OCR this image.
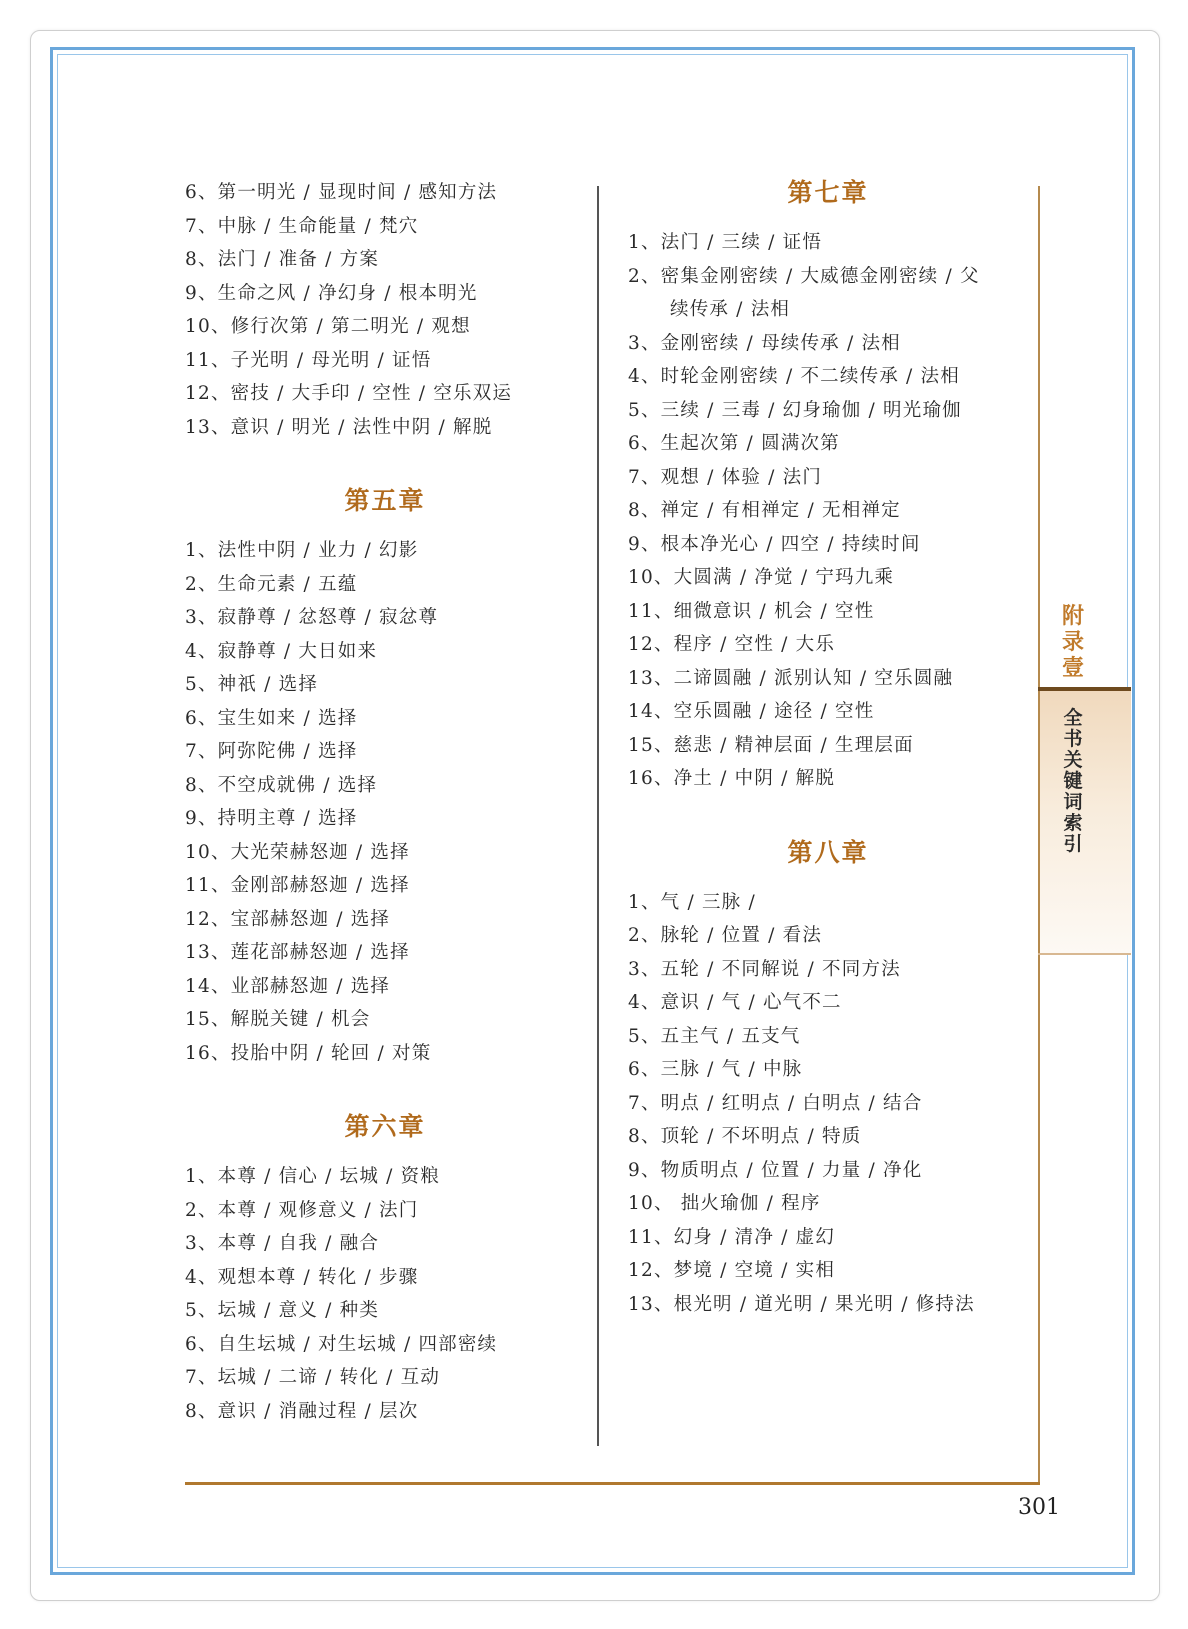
6、第一明光 / 显现时间 / 感知方法
7、中脉 / 生命能量 / 梵穴
8、法门 / 准备 / 方案
9、生命之风 / 净幻身 / 根本明光
10、修行次第 / 第二明光 / 观想
11、子光明 / 母光明 / 证悟
12、密技 / 大手印 / 空性 / 空乐双运
13、意识 / 明光 / 法性中阴 / 解脱
第五章
1、法性中阴 / 业力 / 幻影
2、生命元素 / 五蕴
3、寂静尊 / 忿怒尊 / 寂忿尊
4、寂静尊 / 大日如来
5、神祇 / 选择
6、宝生如来 / 选择
7、阿弥陀佛 / 选择
8、不空成就佛 / 选择
9、持明主尊 / 选择
10、大光荣赫怒迦 / 选择
11、金刚部赫怒迦 / 选择
12、宝部赫怒迦 / 选择
13、莲花部赫怒迦 / 选择
14、业部赫怒迦 / 选择
15、解脱关键 / 机会
16、投胎中阴 / 轮回 / 对策
第六章
1、本尊 / 信心 / 坛城 / 资粮
2、本尊 / 观修意义 / 法门
3、本尊 / 自我 / 融合
4、观想本尊 / 转化 / 步骤
5、坛城 / 意义 / 种类
6、自生坛城 / 对生坛城 / 四部密续
7、坛城 / 二谛 / 转化 / 互动
8、意识 / 消融过程 / 层次
第七章
1、法门 / 三续 / 证悟
2、密集金刚密续 / 大威德金刚密续 / 父
续传承 / 法相
3、金刚密续 / 母续传承 / 法相
4、时轮金刚密续 / 不二续传承 / 法相
5、三续 / 三毒 / 幻身瑜伽 / 明光瑜伽
6、生起次第 / 圆满次第
7、观想 / 体验 / 法门
8、禅定 / 有相禅定 / 无相禅定
9、根本净光心 / 四空 / 持续时间
10、大圆满 / 净觉 / 宁玛九乘
11、细微意识 / 机会 / 空性
12、程序 / 空性 / 大乐
13、二谛圆融 / 派别认知 / 空乐圆融
14、空乐圆融 / 途径 / 空性
15、慈悲 / 精神层面 / 生理层面
16、净土 / 中阴 / 解脱
第八章
1、气 / 三脉 /
2、脉轮 / 位置 / 看法
3、五轮 / 不同解说 / 不同方法
4、意识 / 气 / 心气不二
5、五主气 / 五支气
6、三脉 / 气 / 中脉
7、明点 / 红明点 / 白明点 / 结合
8、顶轮 / 不坏明点 / 特质
9、物质明点 / 位置 / 力量 / 净化
10、 拙火瑜伽 / 程序
11、幻身 / 清净 / 虚幻
12、梦境 / 空境 / 实相
13、根光明 / 道光明 / 果光明 / 修持法
301
附
录
壹
全
书
关
键
词
索
引
